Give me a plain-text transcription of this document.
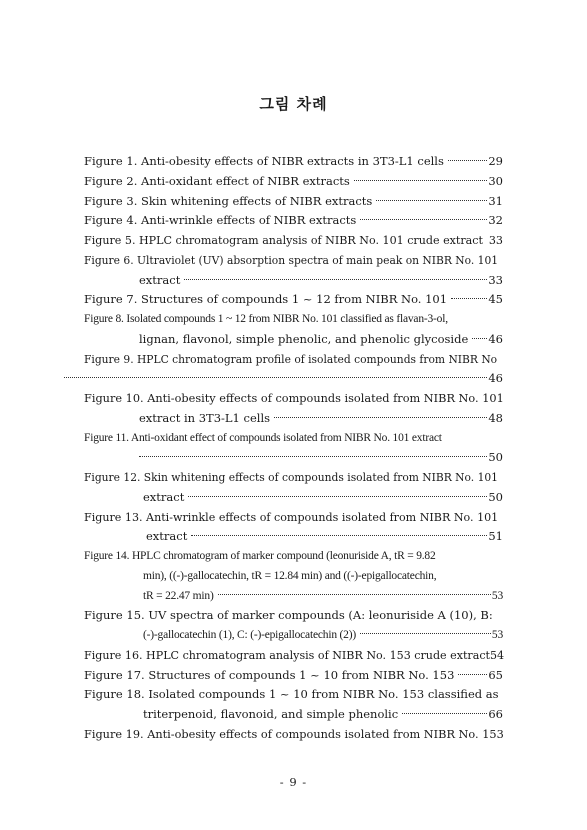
그림 차례
Figure 1. Anti-obesity effects of NIBR extracts in 3T3-L1 cells	29
Figure 2. Anti-oxidant effect of NIBR extracts	30
Figure 3. Skin whitening effects of NIBR extracts	31
Figure 4. Anti-wrinkle effects of NIBR extracts	32
Figure 5. HPLC chromatogram analysis of NIBR No. 101 crude extract 33
Figure 6. Ultraviolet (UV) absorption spectra of main peak on NIBR No. 101
extract	33
Figure 7. Structures of compounds 1 ~ 12 from NIBR No. 101	45
Figure 8. Isolated compounds 1 ~ 12 from NIBR No. 101 classified as flavan-3-ol,
lignan, flavonol, simple phenolic, and phenolic glycoside 46
Figure 9. HPLC chromatogram profile of isolated compounds from NIBR No
46
Figure 10. Anti-obesity effects of compounds isolated from NIBR No. 101
extract in 3T3-L1 cells	48
Figure 11. Anti-oxidant effect of compounds isolated from NIBR No. 101 extract
50
Figure 12. Skin whitening effects of compounds isolated from NIBR No. 101
extract	50
Figure 13. Anti-wrinkle effects of compounds isolated from NIBR No. 101
extract	51
Figure 14. HPLC chromatogram of marker compound (leonuriside A, tR = 9.82
min), ((-)-gallocatechin, tR = 12.84 min) and ((-)-epigallocatechin,
tR = 22.47 min)	53
Figure 15. UV spectra of marker compounds (A: leonuriside A (10), B:
(-)-gallocatechin (1), C: (-)-epigallocatechin (2))	53
Figure 16. HPLC chromatogram analysis of NIBR No. 153 crude extract 54
Figure 17. Structures of compounds 1 ~ 10 from NIBR No. 153	65
Figure 18. Isolated compounds 1 ~ 10 from NIBR No. 153 classified as
triterpenoid, flavonoid, and simple phenolic	66
Figure 19. Anti-obesity effects of compounds isolated from NIBR No. 153
- 9 -
